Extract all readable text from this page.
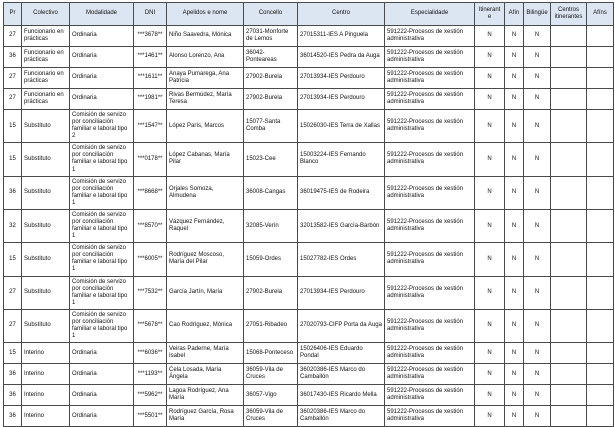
Pr	Colectivo	Modalidade	DNI	Apelidos e nome	Concello	Centro	Especialidade	Itinerante	Afín	Bilingüe	Centros itinerantes	Afíns
27	Funcionario en prácticas	Ordinaria	***3678**	Niño Saavedra, Mónica	27031-Monforte de Lemos	27015311-IES A Pinguela	591222-Procesos de xestión administrativa	N	N	N		
36	Funcionario en prácticas	Ordinaria	***1461**	Alonso Lorenzo, Ana	36042-Ponteareas	36014520-IES Pedra da Auga	591222-Procesos de xestión administrativa	N	N	N		
27	Funcionario en prácticas	Ordinaria	***1611**	Anaya Pumarega, Ana Patricia	27902-Burela	27013934-IES Perdouro	591222-Procesos de xestión administrativa	N	N	N		
27	Funcionario en prácticas	Ordinaria	***1981**	Rivas Bermúdez, María Teresa	27902-Burela	27013934-IES Perdouro	591222-Procesos de xestión administrativa	N	N	N		
15	Substituto	Comisión de servizo por conciliación familiar e laboral tipo 2	***1547**	López París, Marcos	15077-Santa Comba	15026030-IES Terra de Xallas	591222-Procesos de xestión administrativa	N	N	N		
15	Substituto	Comisión de servizo por conciliación familiar e laboral tipo 1	***0178**	López Cabanas, María Pilar	15023-Cee	15003224-IES Fernando Blanco	591222-Procesos de xestión administrativa	N	N	N		
36	Substituto	Comisión de servizo por conciliación familiar e laboral tipo 1	***8668**	Orjales Somoza, Almudena	36008-Cangas	36019475-IES de Rodeira	591222-Procesos de xestión administrativa	N	N	N		
32	Substituto	Comisión de servizo por conciliación familiar e laboral tipo 1	***8570**	Vázquez Fernández, Raquel	32085-Verín	32013582-IES García-Barbón	591222-Procesos de xestión administrativa	N	N	N		
15	Substituto	Comisión de servizo por conciliación familiar e laboral tipo 1	***6005**	Rodríguez Moscoso, María del Pilar	15059-Ordes	15027782-IES Ordes	591222-Procesos de xestión administrativa	N	N	N		
27	Substituto	Comisión de servizo por conciliación familiar e laboral tipo 1	***7532**	García Jartín, María	27902-Burela	27013934-IES Perdouro	591222-Procesos de xestión administrativa	N	N	N		
27	Substituto	Comisión de servizo por conciliación familiar e laboral tipo 1	***5678**	Cao Rodríguez, Mónica	27051-Ribadeo	27020793-CIFP Porta da Auga	591222-Procesos de xestión administrativa	N	N	N		
15	Interino	Ordinaria	***6036**	Veiras Paderne, María Isabel	15068-Ponteceso	15026406-IES Eduardo Pondal	591222-Procesos de xestión administrativa	N	N	N		
36	Interino	Ordinaria	***1193**	Cela Losada, María Ángela	36059-Vila de Cruces	36020386-IES Marco do Camballón	591222-Procesos de xestión administrativa	N	N	N		
36	Interino	Ordinaria	***5962**	Lagoa Rodríguez, Ana María	36057-Vigo	36017430-IES Ricardo Mella	591222-Procesos de xestión administrativa	N	N	N		
36	Interino	Ordinaria	***5501**	Rodríguez García, Rosa María	36059-Vila de Cruces	36020386-IES Marco do Camballón	591222-Procesos de xestión administrativa	N	N	N		
